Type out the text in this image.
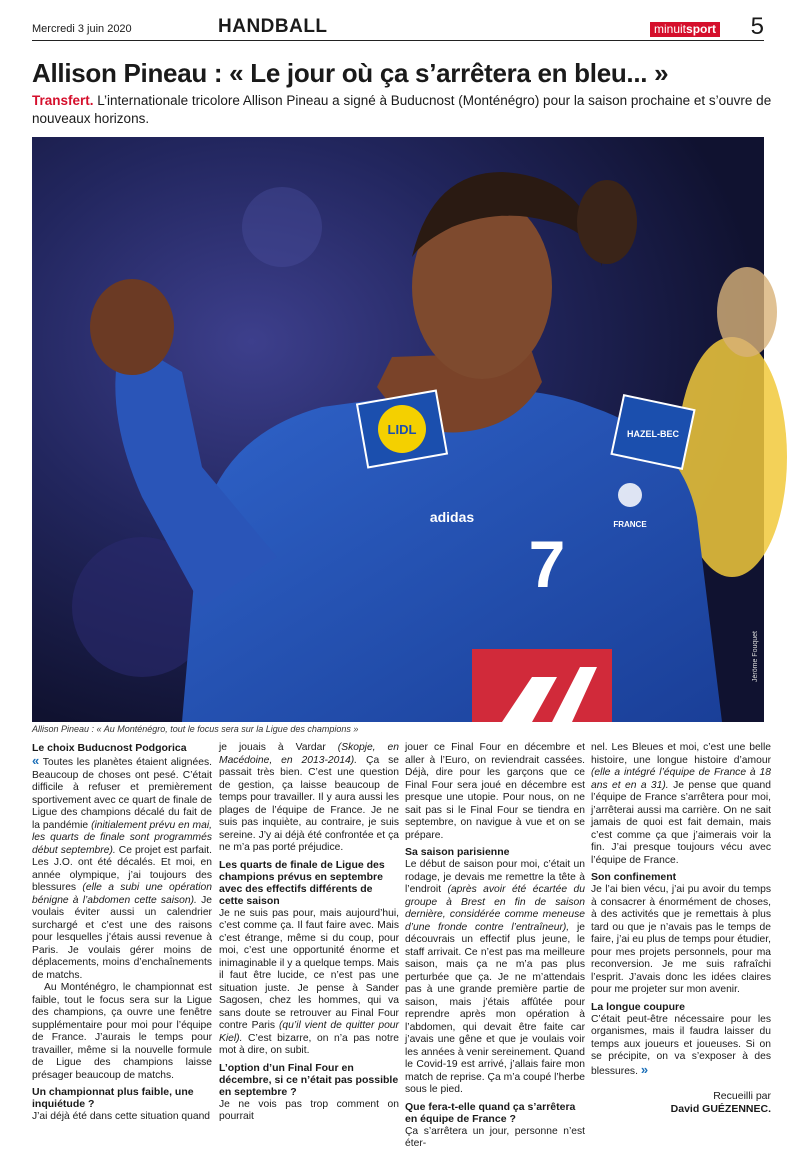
Mercredi 3 juin 2020	HANDBALL	minuitsport 5
Allison Pineau : « Le jour où ça s’arrêtera en bleu... »

Transfert. L’internationale tricolore Allison Pineau a signé à Buducnost (Monténégro) pour la saison prochaine et s’ouvre de nouveaux horizons.

LIDL	HAZEL-BEC
adidas	FRANCE
7
Jérôme Fouquet
Allison Pineau : « Au Monténégro, tout le focus sera sur la Ligue des champions »
Le choix Buducnost Podgorica

« Toutes les planètes étaient alignées. Beaucoup de choses ont pesé. C’était difficile à refuser et premièrement sportivement avec ce quart de finale de Ligue des champions décalé du fait de la pandémie (initialement prévu en mai, les quarts de finale sont programmés début septembre). Ce projet est parfait. Les J.O. ont été décalés. Et moi, en année olympique, j’ai toujours des blessures (elle a subi une opération bénigne à l’abdomen cette saison). Je voulais éviter aussi un calendrier surchargé et c’est une des raisons pour lesquelles j’étais aussi revenue à Paris. Je voulais gérer moins de déplacements, moins d’enchaînements de matchs.

Au Monténégro, le championnat est faible, tout le focus sera sur la Ligue des champions, ça ouvre une fenêtre supplémentaire pour moi pour l’équipe de France. J’aurais le temps pour travailler, même si la nouvelle formule de Ligue des champions laisse présager beaucoup de matchs.

Un championnat plus faible, une inquiétude ?

J’ai déjà été dans cette situation quand

je jouais à Vardar (Skopje, en Macédoine, en 2013-2014). Ça se passait très bien. C’est une question de gestion, ça laisse beaucoup de temps pour travailler. Il y aura aussi les plages de l’équipe de France. Je ne suis pas inquiète, au contraire, je suis sereine. J’y ai déjà été confrontée et ça ne m’a pas porté préjudice.

Les quarts de finale de Ligue des champions prévus en septembre avec des effectifs différents de cette saison

Je ne suis pas pour, mais aujourd’hui, c’est comme ça. Il faut faire avec. Mais c’est étrange, même si du coup, pour moi, c’est une opportunité énorme et inimaginable il y a quelque temps. Mais il faut être lucide, ce n’est pas une situation juste. Je pense à Sander Sagosen, chez les hommes, qui va sans doute se retrouver au Final Four contre Paris (qu’il vient de quitter pour Kiel). C’est bizarre, on n’a pas notre mot à dire, on subit.

L’option d’un Final Four en décembre, si ce n’était pas possible en septembre ?

Je ne vois pas trop comment on pourrait

jouer ce Final Four en décembre et aller à l’Euro, on reviendrait cassées. Déjà, dire pour les garçons que ce Final Four sera joué en décembre est presque une utopie. Pour nous, on ne sait pas si le Final Four se tiendra en septembre, on navigue à vue et on se prépare.

Sa saison parisienne

Le début de saison pour moi, c’était un rodage, je devais me remettre la tête à l’endroit (après avoir été écartée du groupe à Brest en fin de saison dernière, considérée comme meneuse d’une fronde contre l’entraîneur), je découvrais un effectif plus jeune, le staff arrivait. Ce n’est pas ma meilleure saison, mais ça ne m’a pas plus perturbée que ça. Je ne m’attendais pas à une grande première partie de saison, mais j’étais affûtée pour reprendre après mon opération à l’abdomen, qui devait être faite car j’avais une gêne et que je voulais voir les années à venir sereinement. Quand le Covid-19 est arrivé, j’allais faire mon match de reprise. Ça m’a coupé l’herbe sous le pied.

Que fera-t-elle quand ça s’arrêtera en équipe de France ?

Ça s’arrêtera un jour, personne n’est éter-

nel. Les Bleues et moi, c’est une belle histoire, une longue histoire d’amour (elle a intégré l’équipe de France à 18 ans et en a 31). Je pense que quand l’équipe de France s’arrêtera pour moi, j’arrêterai aussi ma carrière. On ne sait jamais de quoi est fait demain, mais c’est comme ça que j’aimerais voir la fin. J’ai presque toujours vécu avec l’équipe de France.

Son confinement

Je l’ai bien vécu, j’ai pu avoir du temps à consacrer à énormément de choses, à des activités que je remettais à plus tard ou que je n’avais pas le temps de faire, j’ai eu plus de temps pour étudier, pour mes projets personnels, pour ma reconversion. Je me suis rafraîchi l’esprit. J’avais donc les idées claires pour me projeter sur mon avenir.

La longue coupure

C’était peut-être nécessaire pour les organismes, mais il faudra laisser du temps aux joueurs et joueuses. Si on se précipite, on va s’exposer à des blessures. »

Recueilli par
David GUÉZENNEC.
